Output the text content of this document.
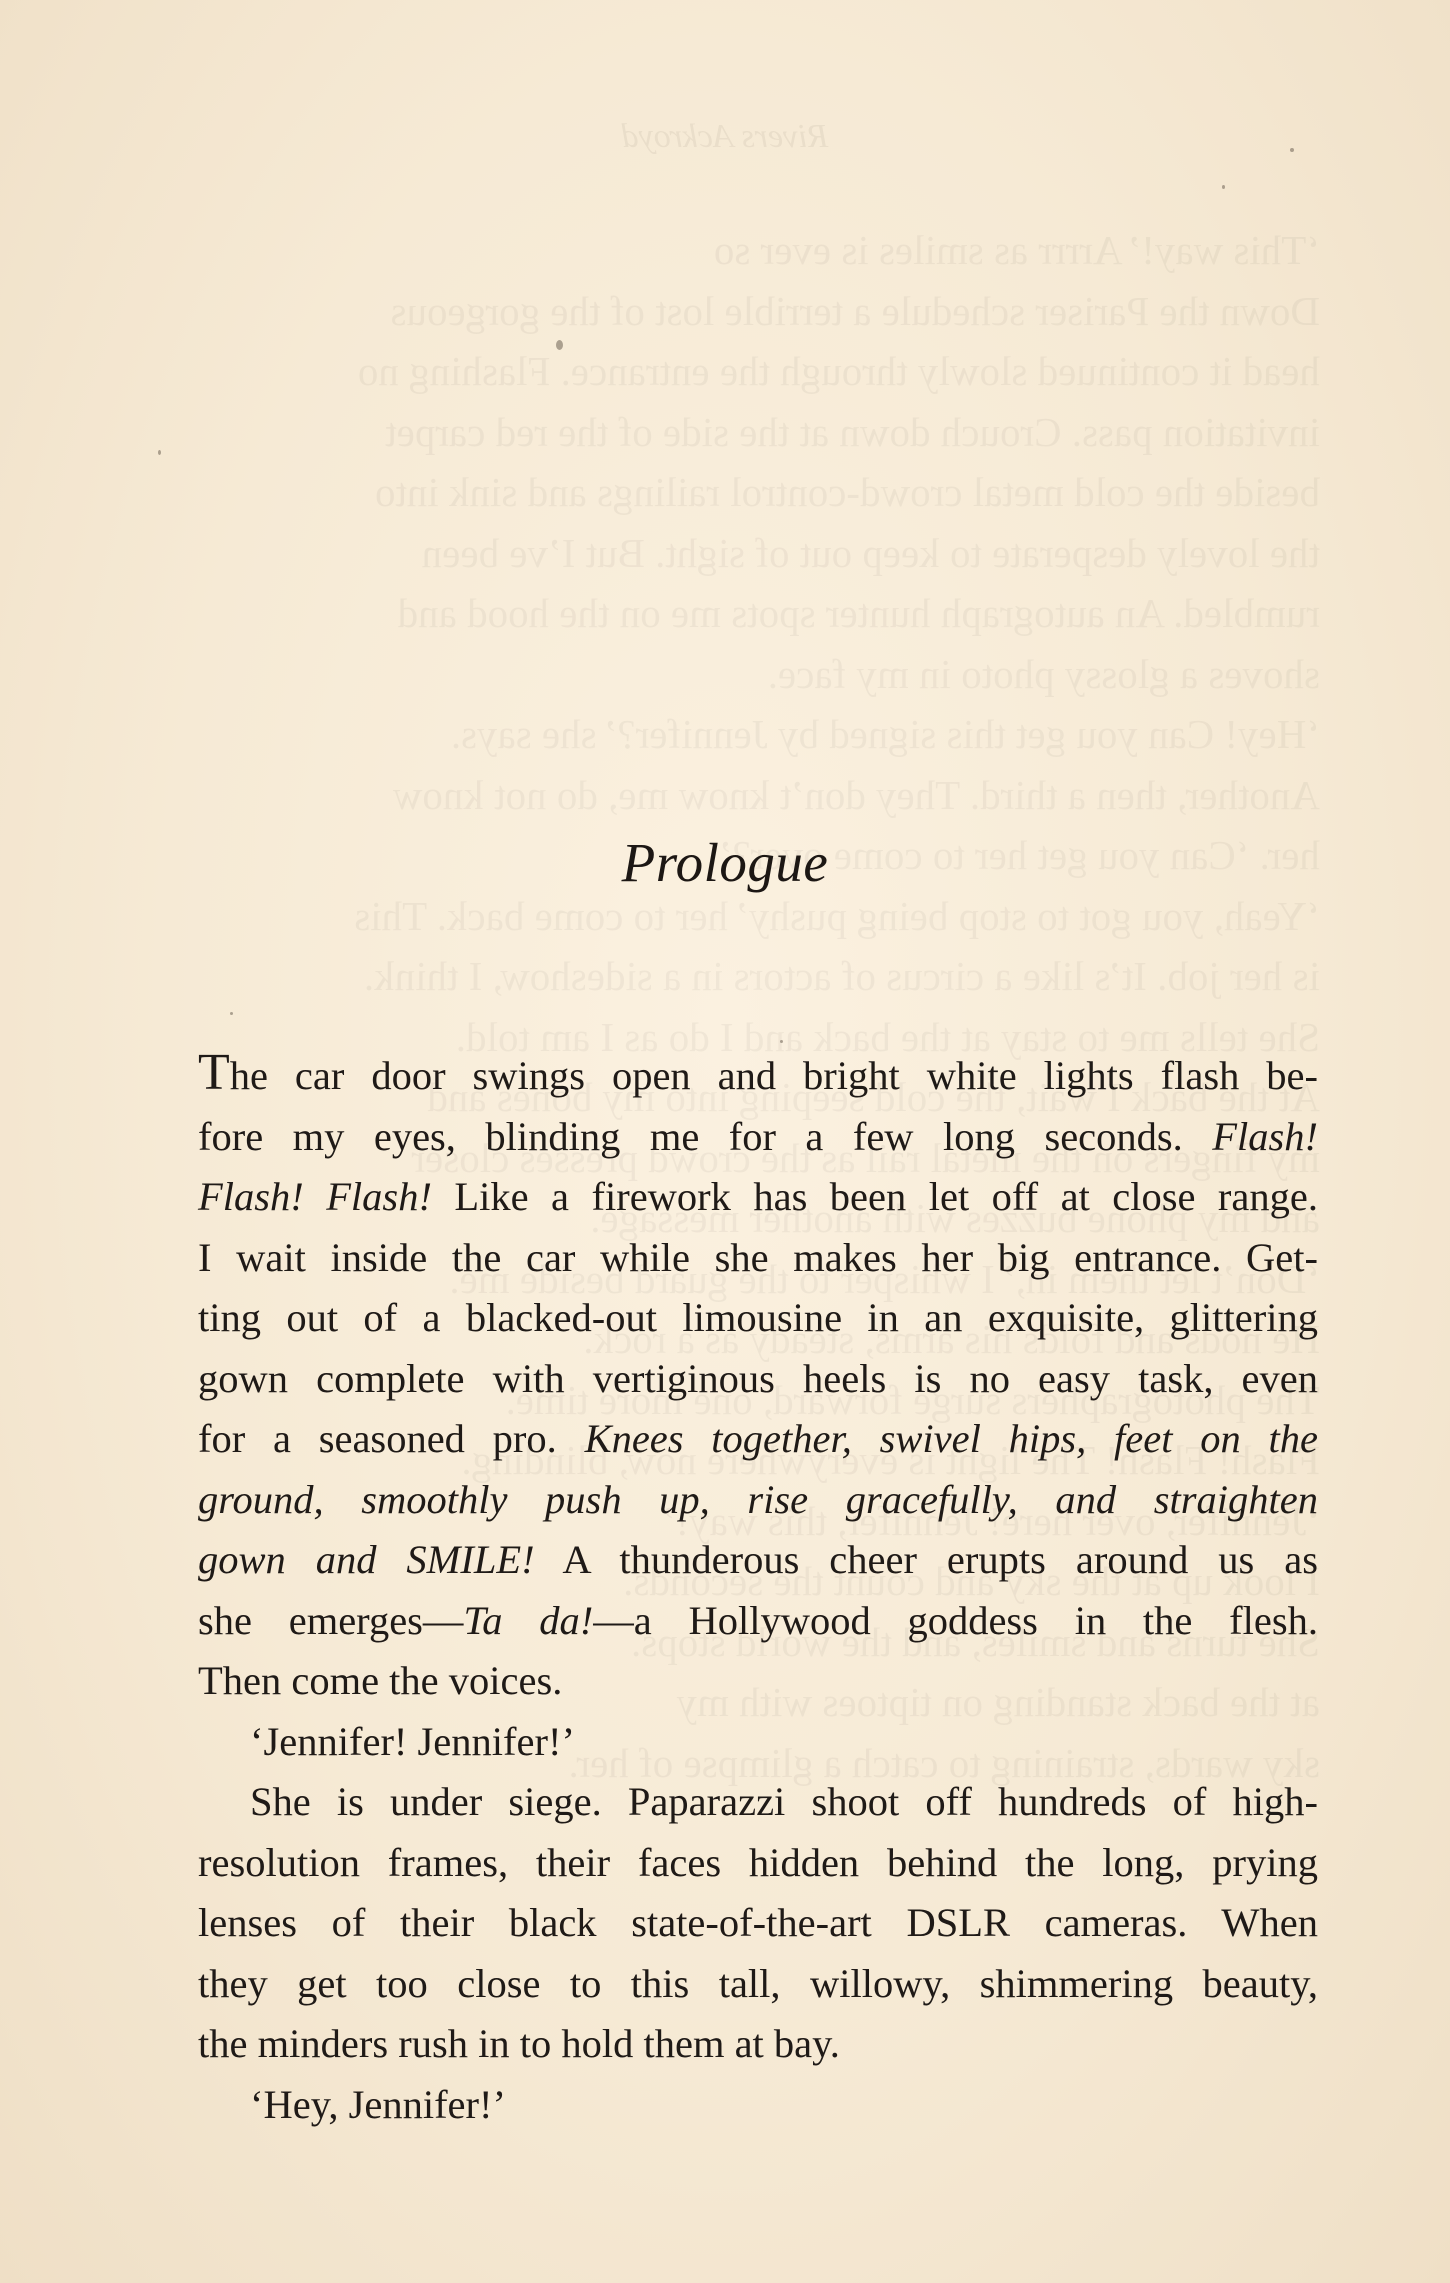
Rivers Ackroyd
Prologue

The car door swings open and bright white lights flash be-
fore my eyes, blinding me for a few long seconds. Flash!
Flash! Flash! Like a firework has been let off at close range.
I wait inside the car while she makes her big entrance. Get-
ting out of a blacked-out limousine in an exquisite, glittering
gown complete with vertiginous heels is no easy task, even
for a seasoned pro. Knees together, swivel hips, feet on the
ground, smoothly push up, rise gracefully, and straighten
gown and SMILE! A thunderous cheer erupts around us as
she emerges—Ta da!—a Hollywood goddess in the flesh.
Then come the voices.

‘Jennifer! Jennifer!’

She is under siege. Paparazzi shoot off hundreds of high-
resolution frames, their faces hidden behind the long, prying
lenses of their black state-of-the-art DSLR cameras. When
they get too close to this tall, willowy, shimmering beauty,
the minders rush in to hold them at bay.

‘Hey, Jennifer!’
